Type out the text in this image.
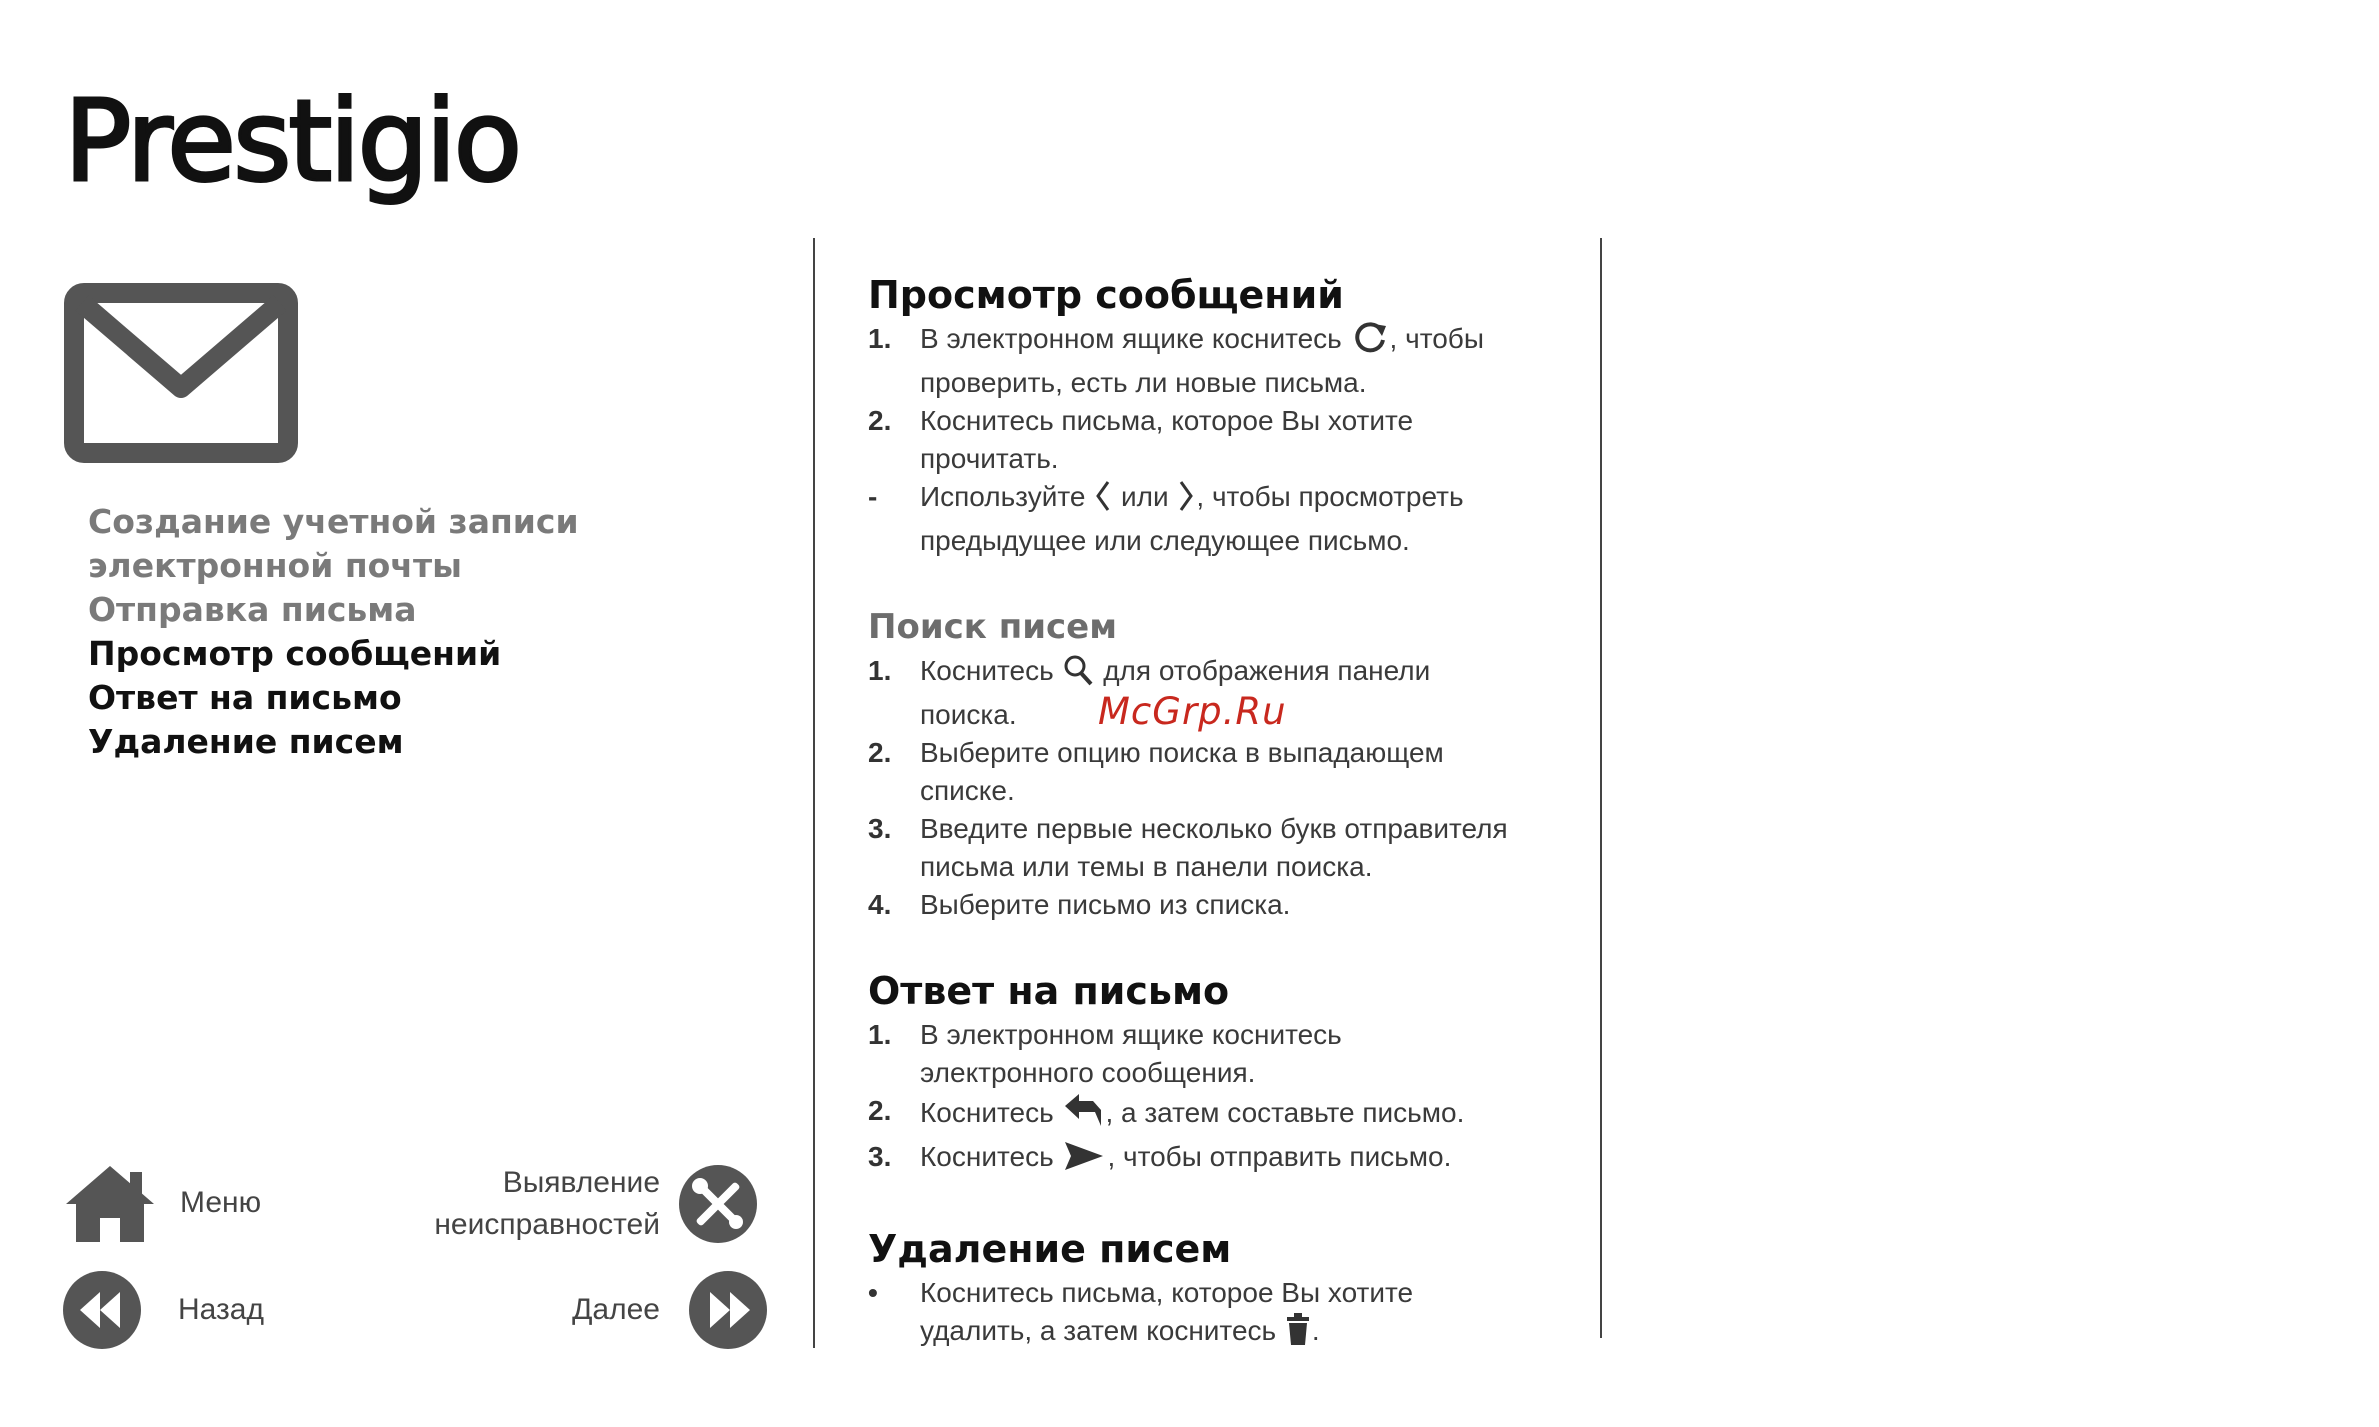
Prestigio
Создание учетной записи
электронной почты
Отправка письма
Просмотр сообщений
Ответ на письмо
Удаление писем
Меню
Назад
Выявление
неисправностей
Далее
Просмотр сообщений
1.	В электронном ящике коснитесь , чтобы
проверить, есть ли новые письма.
2.	Коснитесь письма, которое Вы хотите
прочитать.
-	Используйте  или , чтобы просмотреть
предыдущее или следующее письмо.
Поиск писем
1.	Коснитесь  для отображения панели
поиска.
2.	Выберите опцию поиска в выпадающем
списке.
3.	Введите первые несколько букв отправителя
письма или темы в панели поиска.
4.	Выберите письмо из списка.
Ответ на письмо
1.	В электронном ящике коснитесь
электронного сообщения.
2.	Коснитесь , а затем составьте письмо.
3.	Коснитесь , чтобы отправить письмо.
Удаление писем
•	Коснитесь письма, которое Вы хотите
удалить, а затем коснитесь .
McGrp.Ru
